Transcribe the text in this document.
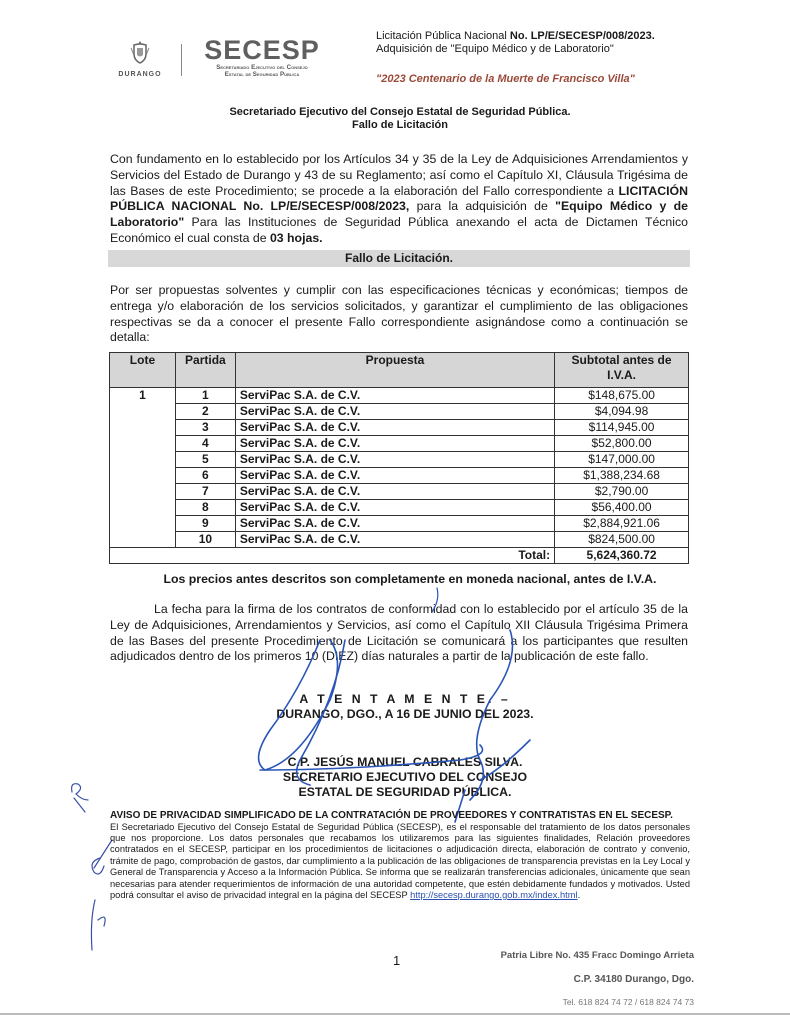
DURANGO
SECESP
Secretariado Ejecutivo del Consejo
Estatal de Seguridad Pública
Licitación Pública Nacional No. LP/E/SECESP/008/2023.
Adquisición de "Equipo Médico y de Laboratorio"
"2023 Centenario de la Muerte de Francisco Villa"
Secretariado Ejecutivo del Consejo Estatal de Seguridad Pública.
Fallo de Licitación
Con fundamento en lo establecido por los Artículos 34 y 35 de la Ley de Adquisiciones Arrendamientos y Servicios del Estado de Durango y 43 de su Reglamento; así como el Capítulo XI, Cláusula Trigésima de las Bases de este Procedimiento; se procede a la elaboración del Fallo correspondiente a LICITACIÓN PÚBLICA NACIONAL No. LP/E/SECESP/008/2023, para la adquisición de "Equipo Médico y de Laboratorio" Para las Instituciones de Seguridad Pública anexando el acta de Dictamen Técnico Económico el cual consta de 03 hojas.
Fallo de Licitación.
Por ser propuestas solventes y cumplir con las especificaciones técnicas y económicas; tiempos de entrega y/o elaboración de los servicios solicitados, y garantizar el cumplimiento de las obligaciones respectivas se da a conocer el presente Fallo correspondiente asignándose como a continuación se detalla:
Lote	Partida	Propuesta	Subtotal antes de I.V.A.
1	1	ServiPac S.A. de C.V.	$148,675.00
	2	ServiPac S.A. de C.V.	$4,094.98
	3	ServiPac S.A. de C.V.	$114,945.00
	4	ServiPac S.A. de C.V.	$52,800.00
	5	ServiPac S.A. de C.V.	$147,000.00
	6	ServiPac S.A. de C.V.	$1,388,234.68
	7	ServiPac S.A. de C.V.	$2,790.00
	8	ServiPac S.A. de C.V.	$56,400.00
	9	ServiPac S.A. de C.V.	$2,884,921.06
	10	ServiPac S.A. de C.V.	$824,500.00
Total:			5,624,360.72
Los precios antes descritos son completamente en moneda nacional, antes de I.V.A.
La fecha para la firma de los contratos de conformidad con lo establecido por el artículo 35 de la Ley de Adquisiciones, Arrendamientos y Servicios, así como el Capítulo XII Cláusula Trigésima Primera de las Bases del presente Procedimiento de Licitación se comunicará a los participantes que resulten adjudicados dentro de los primeros 10 (DIEZ) días naturales a partir de la publicación de este fallo.
A T E N T A M E N T E. –
DURANGO, DGO., A 16 DE JUNIO DEL 2023.
C.P. JESÚS MANUEL CABRALES SILVA.
SECRETARIO EJECUTIVO DEL CONSEJO
ESTATAL DE SEGURIDAD PÚBLICA.
AVISO DE PRIVACIDAD SIMPLIFICADO DE LA CONTRATACIÓN DE PROVEEDORES Y CONTRATISTAS EN EL SECESP.
El Secretariado Ejecutivo del Consejo Estatal de Seguridad Pública (SECESP), es el responsable del tratamiento de los datos personales que nos proporcione. Los datos personales que recabamos los utilizaremos para las siguientes finalidades, Relación proveedores contratados en el SECESP, participar en los procedimientos de licitaciones o adjudicación directa, elaboración de contrato y convenio, trámite de pago, comprobación de gastos, dar cumplimiento a la publicación de las obligaciones de transparencia previstas en la Ley Local y General de Transparencia y Acceso a la Información Pública. Se informa que se realizarán transferencias adicionales, únicamente que sean necesarias para atender requerimientos de información de una autoridad competente, que estén debidamente fundados y motivados. Usted podrá consultar el aviso de privacidad integral en la página del SECESP http://secesp.durango.gob.mx/index.html.
1	Patria Libre No. 435 Fracc Domingo Arrieta
C.P. 34180 Durango, Dgo.
Tel. 618 824 74 72 / 618 824 74 73
